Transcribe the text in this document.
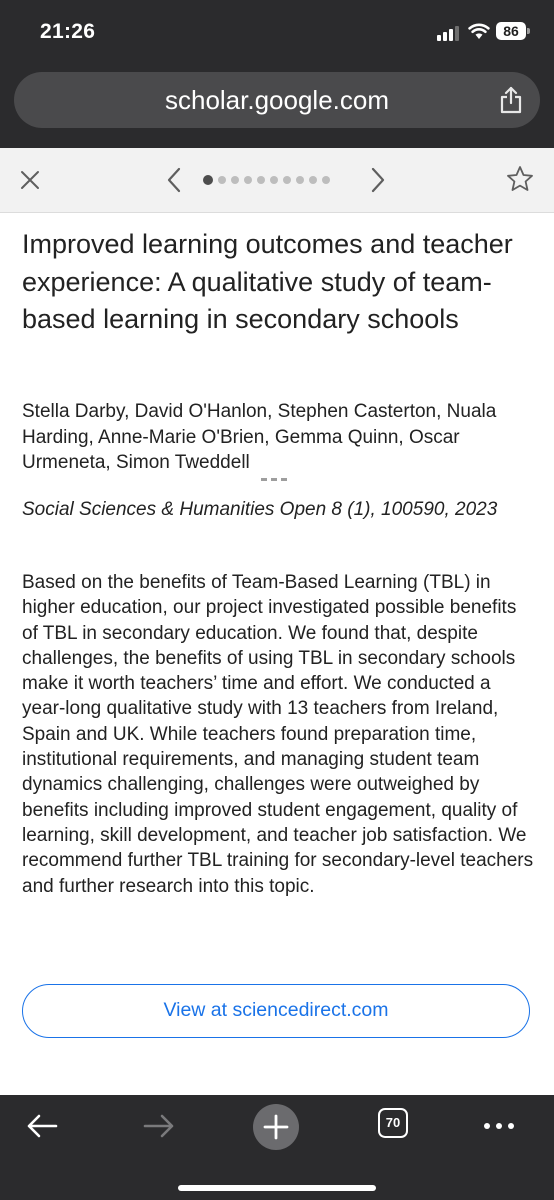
21:26	86
scholar.google.com
Improved learning outcomes and teacher experience: A qualitative study of team-based learning in secondary schools

Stella Darby, David O'Hanlon, Stephen Casterton, Nuala Harding, Anne-Marie O'Brien, Gemma Quinn, Oscar Urmeneta, Simon Tweddell

Social Sciences & Humanities Open 8 (1), 100590, 2023

Based on the benefits of Team-Based Learning (TBL) in higher education, our project investigated possible benefits of TBL in secondary education. We found that, despite challenges, the benefits of using TBL in secondary schools make it worth teachers’ time and effort. We conducted a year-long qualitative study with 13 teachers from Ireland, Spain and UK. While teachers found preparation time, institutional requirements, and managing student team dynamics challenging, challenges were outweighed by benefits including improved student engagement, quality of learning, skill development, and teacher job satisfaction. We recommend further TBL training for secondary-level teachers and further research into this topic.

View at sciencedirect.com
70
